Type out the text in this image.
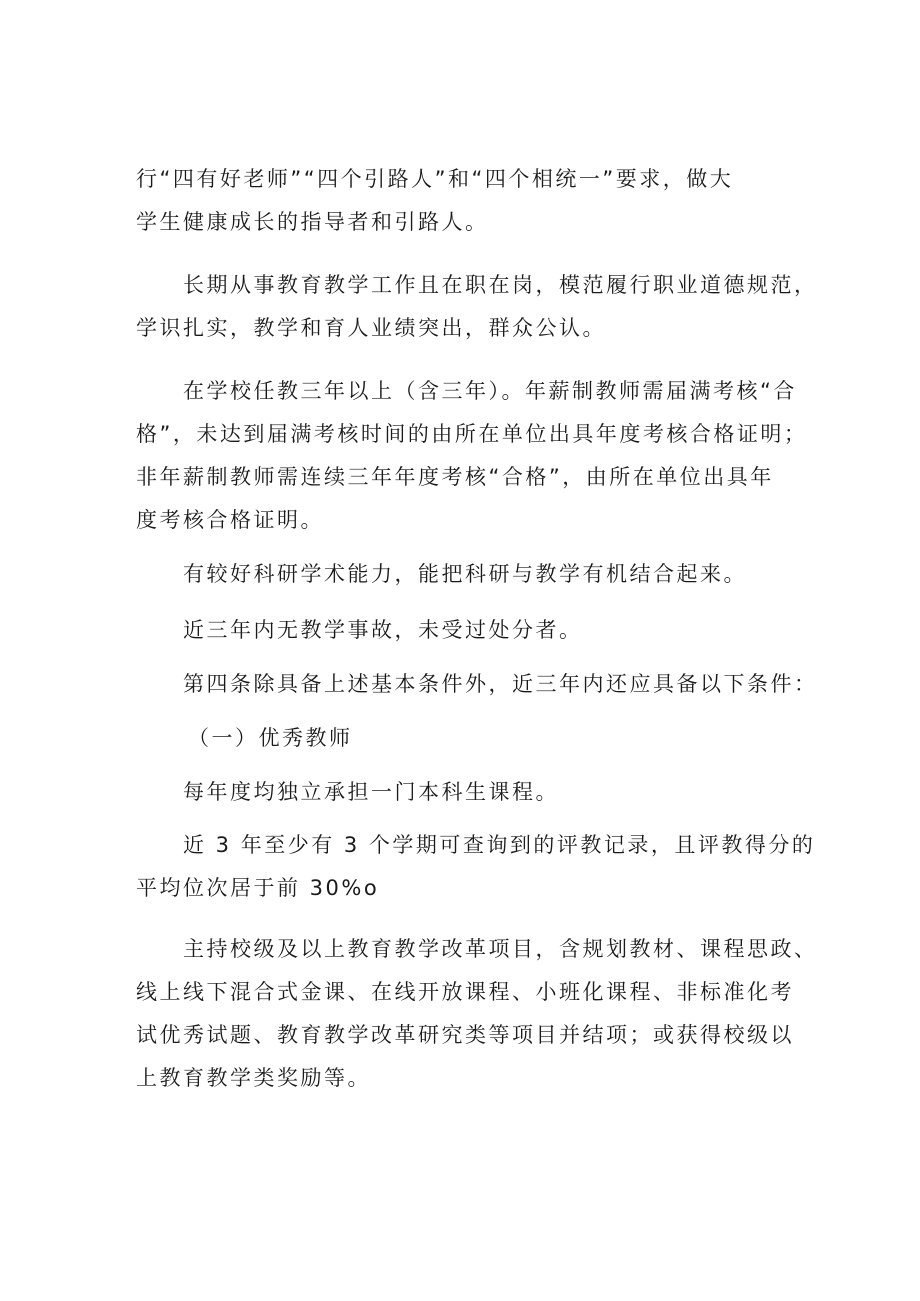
行“四有好老师”“四个引路人”和“四个相统一”要求，做大
学生健康成长的指导者和引路人。

长期从事教育教学工作且在职在岗，模范履行职业道德规范，
学识扎实，教学和育人业绩突出，群众公认。

在学校任教三年以上（含三年）。年薪制教师需届满考核“合
格”，未达到届满考核时间的由所在单位出具年度考核合格证明；
非年薪制教师需连续三年年度考核“合格”，由所在单位出具年
度考核合格证明。

有较好科研学术能力，能把科研与教学有机结合起来。

近三年内无教学事故，未受过处分者。

第四条除具备上述基本条件外，近三年内还应具备以下条件：

（一）优秀教师

每年度均独立承担一门本科生课程。

近 3 年至少有 3 个学期可查询到的评教记录，且评教得分的
平均位次居于前 30%o

主持校级及以上教育教学改革项目，含规划教材、课程思政、
线上线下混合式金课、在线开放课程、小班化课程、非标准化考
试优秀试题、教育教学改革研究类等项目并结项；或获得校级以
上教育教学类奖励等。
